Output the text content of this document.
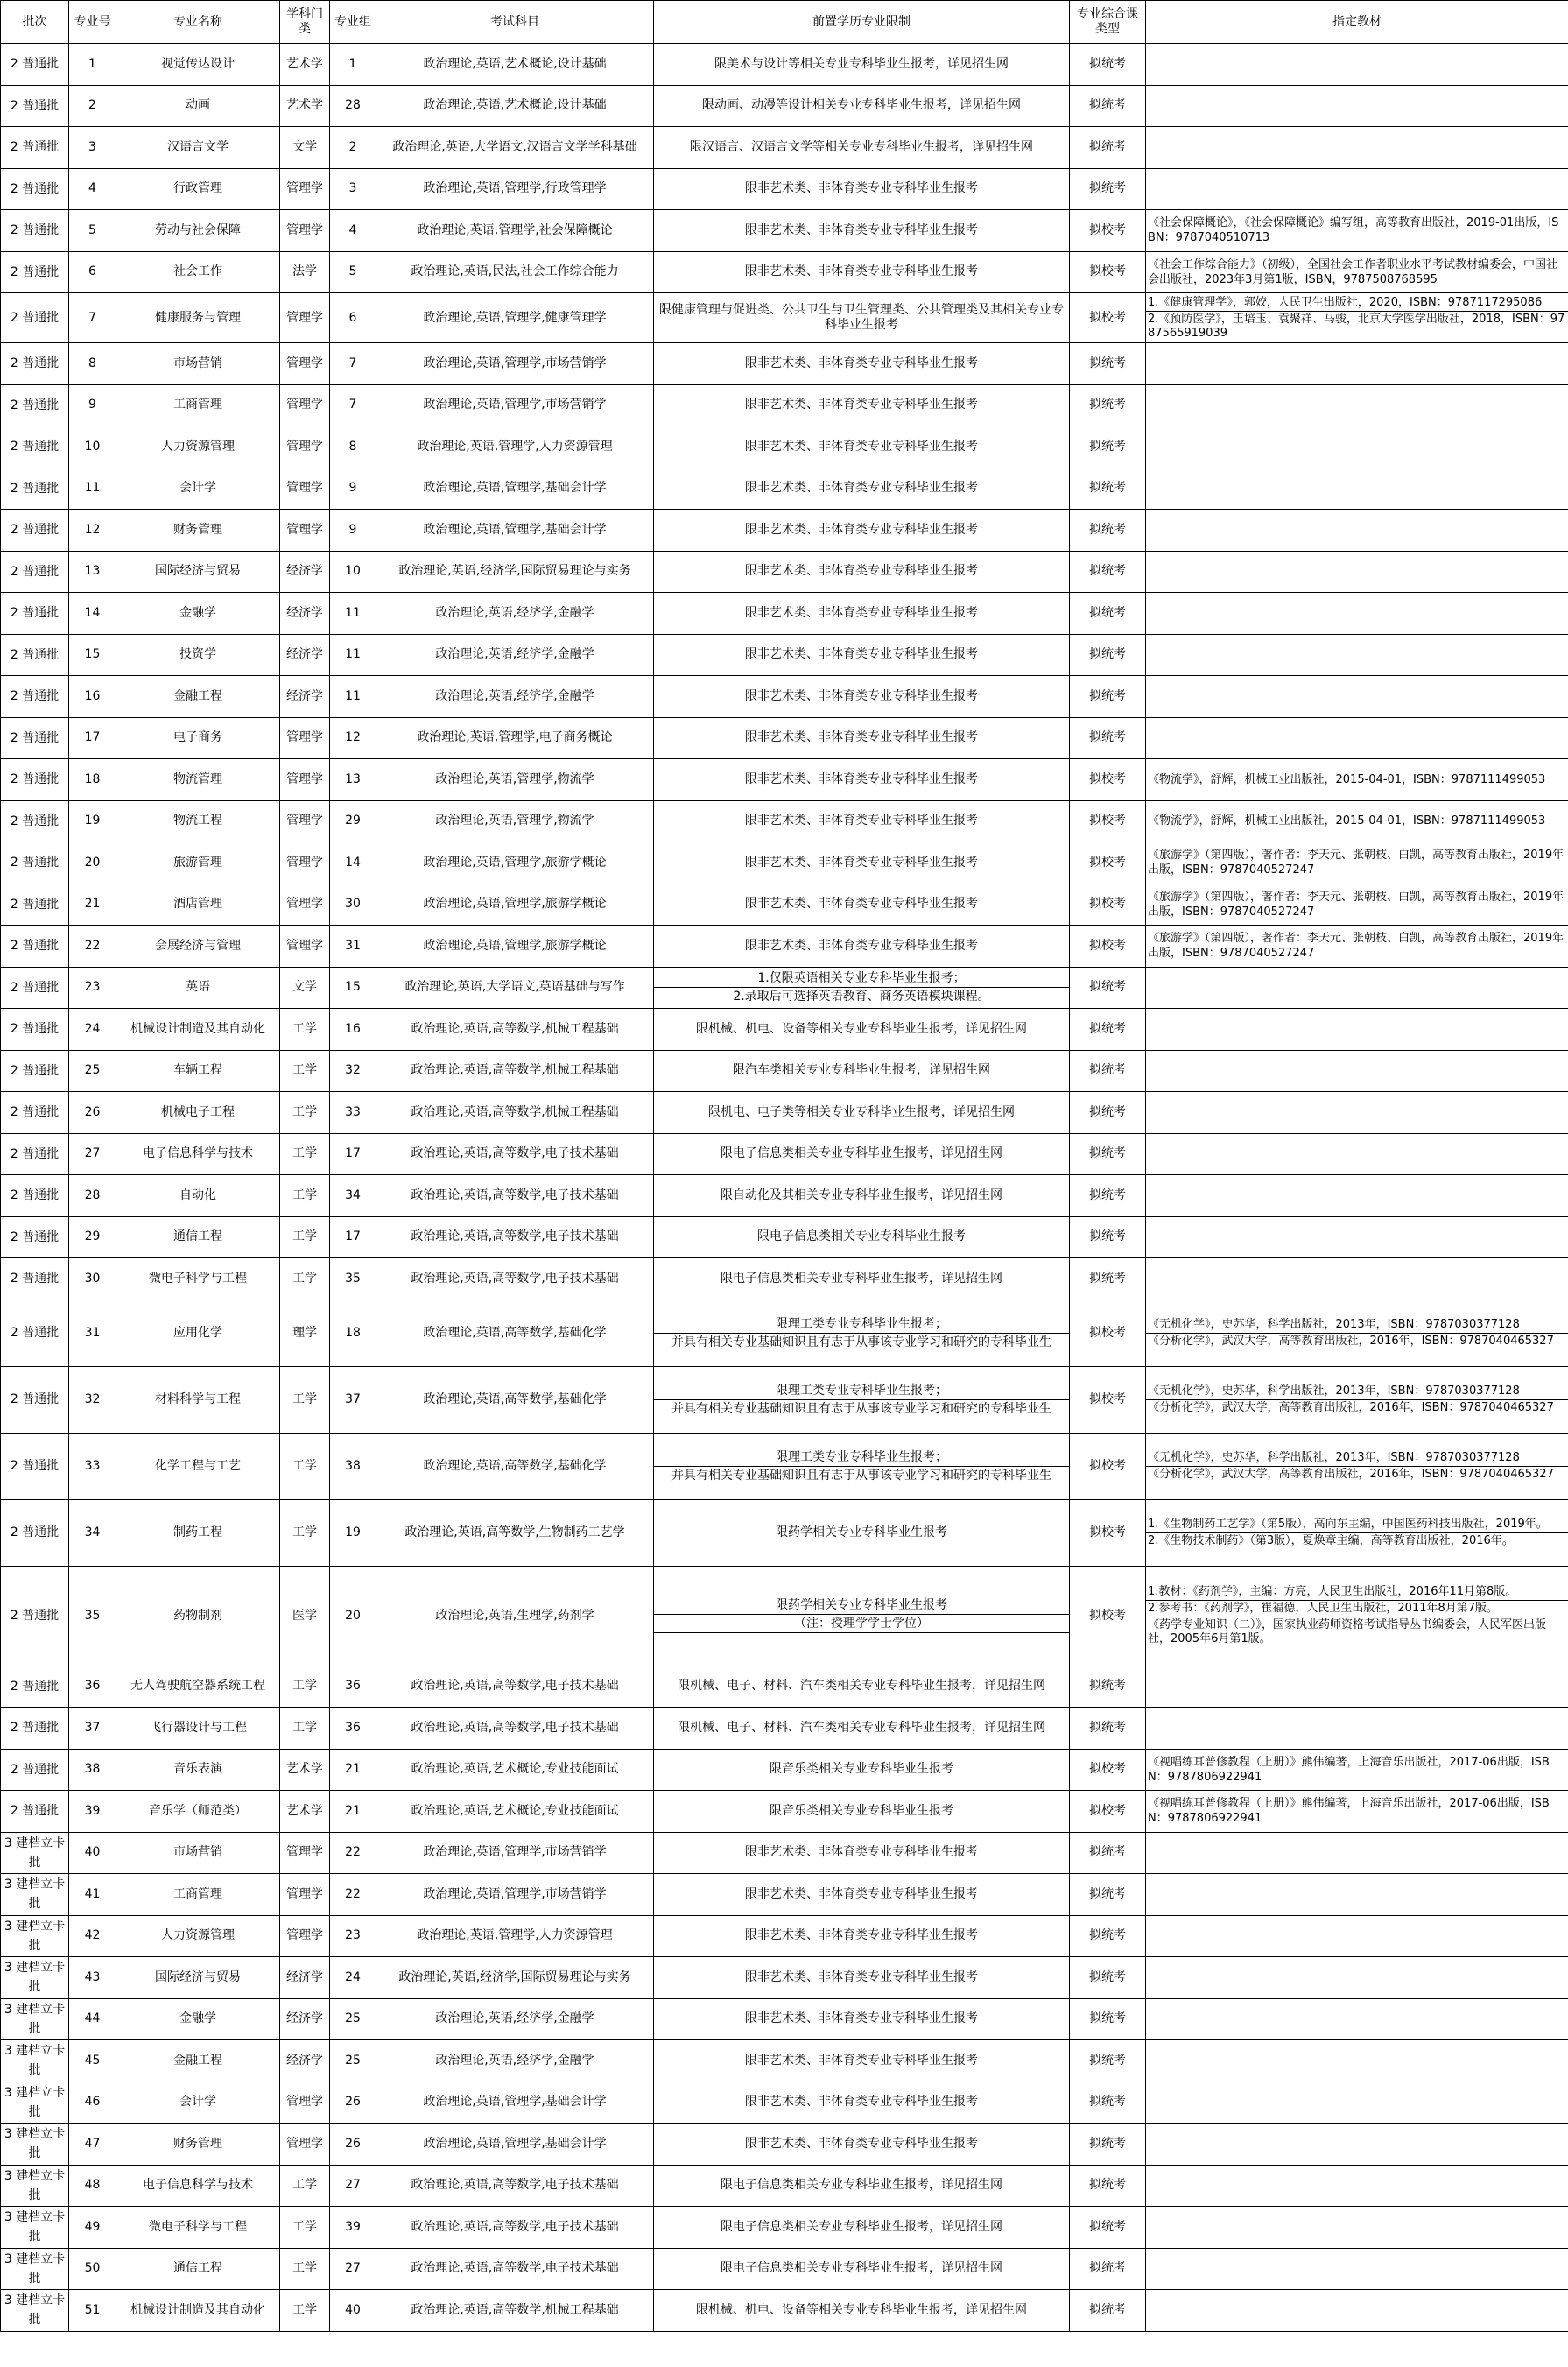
批次	专业号	专业名称	学科门类	专业组	考试科目	前置学历专业限制	专业综合课类型	指定教材
2 普通批	1	视觉传达设计	艺术学	1	政治理论,英语,艺术概论,设计基础	限美术与设计等相关专业专科毕业生报考，详见招生网	拟统考	
2 普通批	2	动画	艺术学	28	政治理论,英语,艺术概论,设计基础	限动画、动漫等设计相关专业专科毕业生报考，详见招生网	拟统考	
2 普通批	3	汉语言文学	文学	2	政治理论,英语,大学语文,汉语言文学学科基础	限汉语言、汉语言文学等相关专业专科毕业生报考，详见招生网	拟统考	
2 普通批	4	行政管理	管理学	3	政治理论,英语,管理学,行政管理学	限非艺术类、非体育类专业专科毕业生报考	拟统考	
2 普通批	5	劳动与社会保障	管理学	4	政治理论,英语,管理学,社会保障概论	限非艺术类、非体育类专业专科毕业生报考	拟校考	《社会保障概论》，《社会保障概论》编写组，高等教育出版社，2019-01出版，ISBN：9787040510713

2 普通批	6	社会工作	法学	5	政治理论,英语,民法,社会工作综合能力	限非艺术类、非体育类专业专科毕业生报考	拟校考	《社会工作综合能力》（初级），全国社会工作者职业水平考试教材编委会，中国社会出版社，2023年3月第1版，ISBN，9787508768595

2 普通批	7	健康服务与管理	管理学	6	政治理论,英语,管理学,健康管理学	限健康管理与促进类、公共卫生与卫生管理类、公共管理类及其相关专业专科毕业生报考	拟校考	1.《健康管理学》，郭姣，人民卫生出版社，2020，ISBN：9787117295086
2.《预防医学》，王培玉、袁聚祥、马骏，北京大学医学出版社，2018，ISBN：9787565919039

2 普通批	8	市场营销	管理学	7	政治理论,英语,管理学,市场营销学	限非艺术类、非体育类专业专科毕业生报考	拟统考	
2 普通批	9	工商管理	管理学	7	政治理论,英语,管理学,市场营销学	限非艺术类、非体育类专业专科毕业生报考	拟统考	
2 普通批	10	人力资源管理	管理学	8	政治理论,英语,管理学,人力资源管理	限非艺术类、非体育类专业专科毕业生报考	拟统考	
2 普通批	11	会计学	管理学	9	政治理论,英语,管理学,基础会计学	限非艺术类、非体育类专业专科毕业生报考	拟统考	
2 普通批	12	财务管理	管理学	9	政治理论,英语,管理学,基础会计学	限非艺术类、非体育类专业专科毕业生报考	拟统考	
2 普通批	13	国际经济与贸易	经济学	10	政治理论,英语,经济学,国际贸易理论与实务	限非艺术类、非体育类专业专科毕业生报考	拟统考	
2 普通批	14	金融学	经济学	11	政治理论,英语,经济学,金融学	限非艺术类、非体育类专业专科毕业生报考	拟统考	
2 普通批	15	投资学	经济学	11	政治理论,英语,经济学,金融学	限非艺术类、非体育类专业专科毕业生报考	拟统考	
2 普通批	16	金融工程	经济学	11	政治理论,英语,经济学,金融学	限非艺术类、非体育类专业专科毕业生报考	拟统考	
2 普通批	17	电子商务	管理学	12	政治理论,英语,管理学,电子商务概论	限非艺术类、非体育类专业专科毕业生报考	拟统考	
2 普通批	18	物流管理	管理学	13	政治理论,英语,管理学,物流学	限非艺术类、非体育类专业专科毕业生报考	拟校考	《物流学》，舒辉，机械工业出版社，2015-04-01，ISBN：9787111499053

2 普通批	19	物流工程	管理学	29	政治理论,英语,管理学,物流学	限非艺术类、非体育类专业专科毕业生报考	拟校考	《物流学》，舒辉，机械工业出版社，2015-04-01，ISBN：9787111499053

2 普通批	20	旅游管理	管理学	14	政治理论,英语,管理学,旅游学概论	限非艺术类、非体育类专业专科毕业生报考	拟校考	《旅游学》（第四版），著作者：李天元、张朝枝、白凯，高等教育出版社，2019年出版，ISBN：9787040527247

2 普通批	21	酒店管理	管理学	30	政治理论,英语,管理学,旅游学概论	限非艺术类、非体育类专业专科毕业生报考	拟校考	《旅游学》（第四版），著作者：李天元、张朝枝、白凯，高等教育出版社，2019年出版，ISBN：9787040527247

2 普通批	22	会展经济与管理	管理学	31	政治理论,英语,管理学,旅游学概论	限非艺术类、非体育类专业专科毕业生报考	拟校考	《旅游学》（第四版），著作者：李天元、张朝枝、白凯，高等教育出版社，2019年出版，ISBN：9787040527247

2 普通批	23	英语	文学	15	政治理论,英语,大学语文,英语基础与写作	1.仅限英语相关专业专科毕业生报考；
2.录取后可选择英语教育、商务英语模块课程。	拟统考	
2 普通批	24	机械设计制造及其自动化	工学	16	政治理论,英语,高等数学,机械工程基础	限机械、机电、设备等相关专业专科毕业生报考，详见招生网	拟统考	
2 普通批	25	车辆工程	工学	32	政治理论,英语,高等数学,机械工程基础	限汽车类相关专业专科毕业生报考，详见招生网	拟统考	
2 普通批	26	机械电子工程	工学	33	政治理论,英语,高等数学,机械工程基础	限机电、电子类等相关专业专科毕业生报考，详见招生网	拟统考	
2 普通批	27	电子信息科学与技术	工学	17	政治理论,英语,高等数学,电子技术基础	限电子信息类相关专业专科毕业生报考，详见招生网	拟统考	
2 普通批	28	自动化	工学	34	政治理论,英语,高等数学,电子技术基础	限自动化及其相关专业专科毕业生报考，详见招生网	拟统考	
2 普通批	29	通信工程	工学	17	政治理论,英语,高等数学,电子技术基础	限电子信息类相关专业专科毕业生报考	拟统考	
2 普通批	30	微电子科学与工程	工学	35	政治理论,英语,高等数学,电子技术基础	限电子信息类相关专业专科毕业生报考，详见招生网	拟统考	
2 普通批	31	应用化学	理学	18	政治理论,英语,高等数学,基础化学	限理工类专业专科毕业生报考；
并具有相关专业基础知识且有志于从事该专业学习和研究的专科毕业生	拟校考	《无机化学》，史苏华，科学出版社，2013年，ISBN：9787030377128
《分析化学》，武汉大学，高等教育出版社，2016年，ISBN：9787040465327

2 普通批	32	材料科学与工程	工学	37	政治理论,英语,高等数学,基础化学	限理工类专业专科毕业生报考；
并具有相关专业基础知识且有志于从事该专业学习和研究的专科毕业生	拟校考	《无机化学》，史苏华，科学出版社，2013年，ISBN：9787030377128
《分析化学》，武汉大学，高等教育出版社，2016年，ISBN：9787040465327

2 普通批	33	化学工程与工艺	工学	38	政治理论,英语,高等数学,基础化学	限理工类专业专科毕业生报考；
并具有相关专业基础知识且有志于从事该专业学习和研究的专科毕业生	拟校考	《无机化学》，史苏华，科学出版社，2013年，ISBN：9787030377128
《分析化学》，武汉大学，高等教育出版社，2016年，ISBN：9787040465327

2 普通批	34	制药工程	工学	19	政治理论,英语,高等数学,生物制药工艺学	限药学相关专业专科毕业生报考	拟校考	1.《生物制药工艺学》（第5版），高向东主编，中国医药科技出版社，2019年。
2.《生物技术制药》（第3版），夏焕章主编，高等教育出版社，2016年。

2 普通批	35	药物制剂	医学	20	政治理论,英语,生理学,药剂学	限药学相关专业专科毕业生报考
（注：授理学学士学位）	拟校考	1.教材：《药剂学》，主编：方亮，人民卫生出版社，2016年11月第8版。
2.参考书：《药剂学》，崔福德，人民卫生出版社，2011年8月第7版。
《药学专业知识（二）》，国家执业药师资格考试指导丛书编委会，人民军医出版社，2005年6月第1版。

2 普通批	36	无人驾驶航空器系统工程	工学	36	政治理论,英语,高等数学,电子技术基础	限机械、电子、材料、汽车类相关专业专科毕业生报考，详见招生网	拟统考	
2 普通批	37	飞行器设计与工程	工学	36	政治理论,英语,高等数学,电子技术基础	限机械、电子、材料、汽车类相关专业专科毕业生报考，详见招生网	拟统考	
2 普通批	38	音乐表演	艺术学	21	政治理论,英语,艺术概论,专业技能面试	限音乐类相关专业专科毕业生报考	拟校考	《视唱练耳普修教程（上册）》熊伟编著，上海音乐出版社，2017-06出版，ISBN：9787806922941

2 普通批	39	音乐学（师范类）	艺术学	21	政治理论,英语,艺术概论,专业技能面试	限音乐类相关专业专科毕业生报考	拟校考	《视唱练耳普修教程（上册）》熊伟编著，上海音乐出版社，2017-06出版，ISBN：9787806922941

3 建档立卡批	40	市场营销	管理学	22	政治理论,英语,管理学,市场营销学	限非艺术类、非体育类专业专科毕业生报考	拟统考	
3 建档立卡批	41	工商管理	管理学	22	政治理论,英语,管理学,市场营销学	限非艺术类、非体育类专业专科毕业生报考	拟统考	
3 建档立卡批	42	人力资源管理	管理学	23	政治理论,英语,管理学,人力资源管理	限非艺术类、非体育类专业专科毕业生报考	拟统考	
3 建档立卡批	43	国际经济与贸易	经济学	24	政治理论,英语,经济学,国际贸易理论与实务	限非艺术类、非体育类专业专科毕业生报考	拟统考	
3 建档立卡批	44	金融学	经济学	25	政治理论,英语,经济学,金融学	限非艺术类、非体育类专业专科毕业生报考	拟统考	
3 建档立卡批	45	金融工程	经济学	25	政治理论,英语,经济学,金融学	限非艺术类、非体育类专业专科毕业生报考	拟统考	
3 建档立卡批	46	会计学	管理学	26	政治理论,英语,管理学,基础会计学	限非艺术类、非体育类专业专科毕业生报考	拟统考	
3 建档立卡批	47	财务管理	管理学	26	政治理论,英语,管理学,基础会计学	限非艺术类、非体育类专业专科毕业生报考	拟统考	
3 建档立卡批	48	电子信息科学与技术	工学	27	政治理论,英语,高等数学,电子技术基础	限电子信息类相关专业专科毕业生报考，详见招生网	拟统考	
3 建档立卡批	49	微电子科学与工程	工学	39	政治理论,英语,高等数学,电子技术基础	限电子信息类相关专业专科毕业生报考，详见招生网	拟统考	
3 建档立卡批	50	通信工程	工学	27	政治理论,英语,高等数学,电子技术基础	限电子信息类相关专业专科毕业生报考，详见招生网	拟统考	
3 建档立卡批	51	机械设计制造及其自动化	工学	40	政治理论,英语,高等数学,机械工程基础	限机械、机电、设备等相关专业专科毕业生报考，详见招生网	拟统考	
